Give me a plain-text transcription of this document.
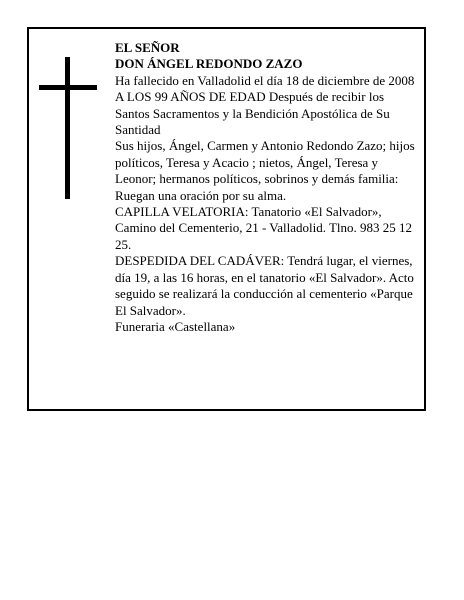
EL SEÑOR

DON ÁNGEL REDONDO ZAZO

Ha fallecido en Valladolid el día 18 de diciembre de 2008 A LOS 99 AÑOS DE EDAD Después de recibir los Santos Sacramentos y la Bendición Apostólica de Su Santidad

Sus hijos, Ángel, Carmen y Antonio Redondo Zazo; hijos políticos, Teresa y Acacio ; nietos, Ángel, Teresa y Leonor; hermanos políticos, sobrinos y demás familia:

Ruegan una oración por su alma.

CAPILLA VELATORIA: Tanatorio «El Salvador», Camino del Cementerio, 21 - Valladolid. Tlno. 983 25 12 25.

DESPEDIDA DEL CADÁVER: Tendrá lugar, el viernes, día 19, a las 16 horas, en el tanatorio «El Salvador». Acto seguido se realizará la conducción al cementerio «Parque El Salvador».

Funeraria «Castellana»
